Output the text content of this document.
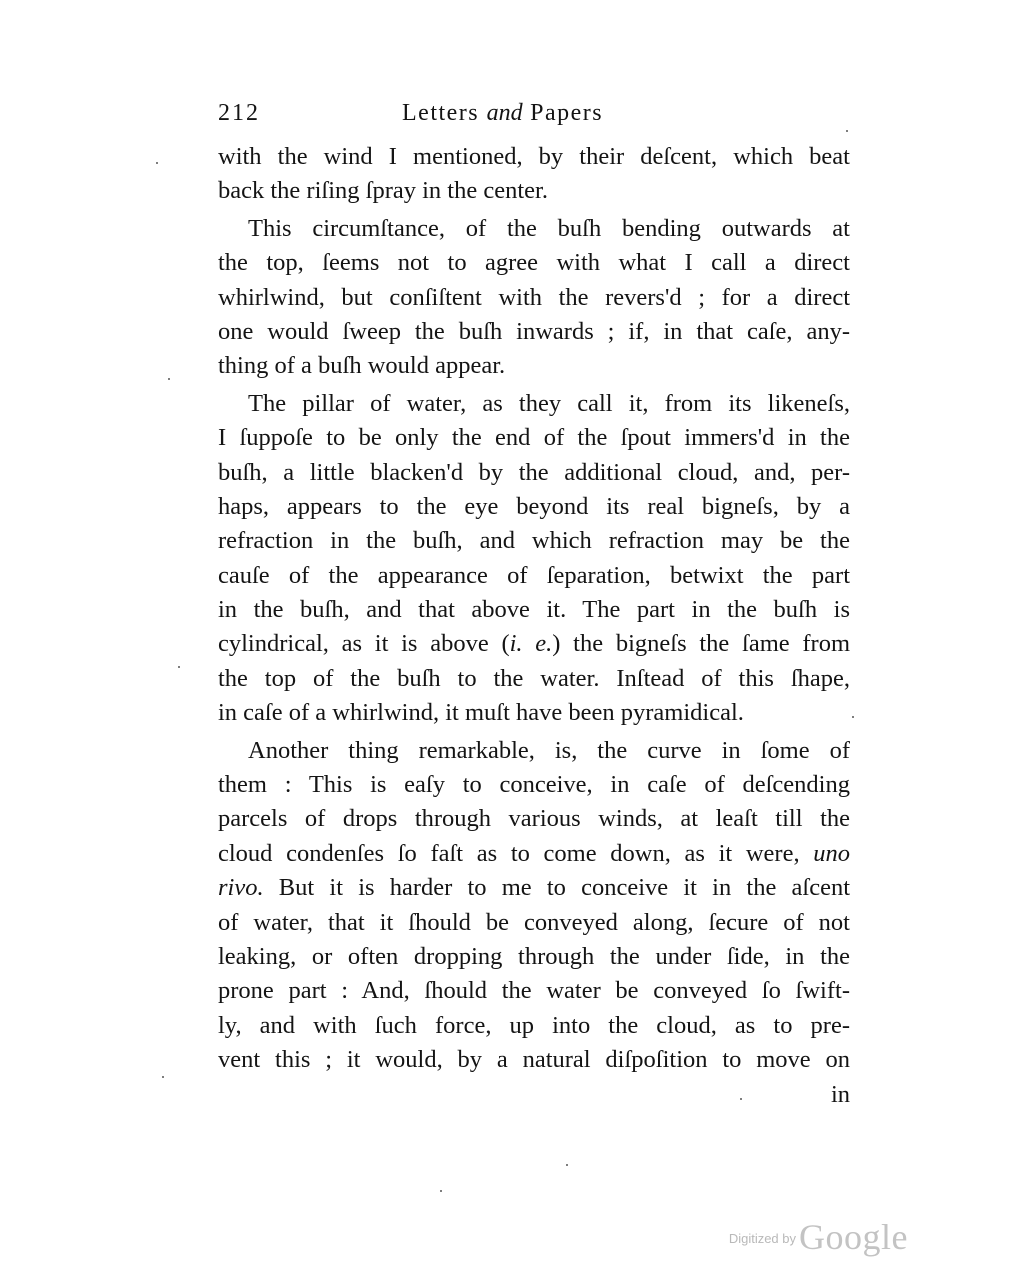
212	Letters and Papers
with the wind I mentioned, by their deſcent, which beat
back the riſing ſpray in the center.
This circumſtance, of the buſh bending outwards at
the top, ſeems not to agree with what I call a direct
whirlwind, but conſiſtent with the revers'd ; for a direct
one would ſweep the buſh inwards ; if, in that caſe, any-
thing of a buſh would appear.
The pillar of water, as they call it, from its likeneſs,
I ſuppoſe to be only the end of the ſpout immers'd in the
buſh, a little blacken'd by the additional cloud, and, per-
haps, appears to the eye beyond its real bigneſs, by a
refraction in the buſh, and which refraction may be the
cauſe of the appearance of ſeparation, betwixt the part
in the buſh, and that above it. The part in the buſh is
cylindrical, as it is above (i. e.) the bigneſs the ſame from
the top of the buſh to the water. Inſtead of this ſhape,
in caſe of a whirlwind, it muſt have been pyramidical.
Another thing remarkable, is, the curve in ſome of
them : This is eaſy to conceive, in caſe of deſcending
parcels of drops through various winds, at leaſt till the
cloud condenſes ſo faſt as to come down, as it were, uno
rivo. But it is harder to me to conceive it in the aſcent
of water, that it ſhould be conveyed along, ſecure of not
leaking, or often dropping through the under ſide, in the
prone part : And, ſhould the water be conveyed ſo ſwift-
ly, and with ſuch force, up into the cloud, as to pre-
vent this ; it would, by a natural diſpoſition to move on
in
$^{Digitized by}$Google
